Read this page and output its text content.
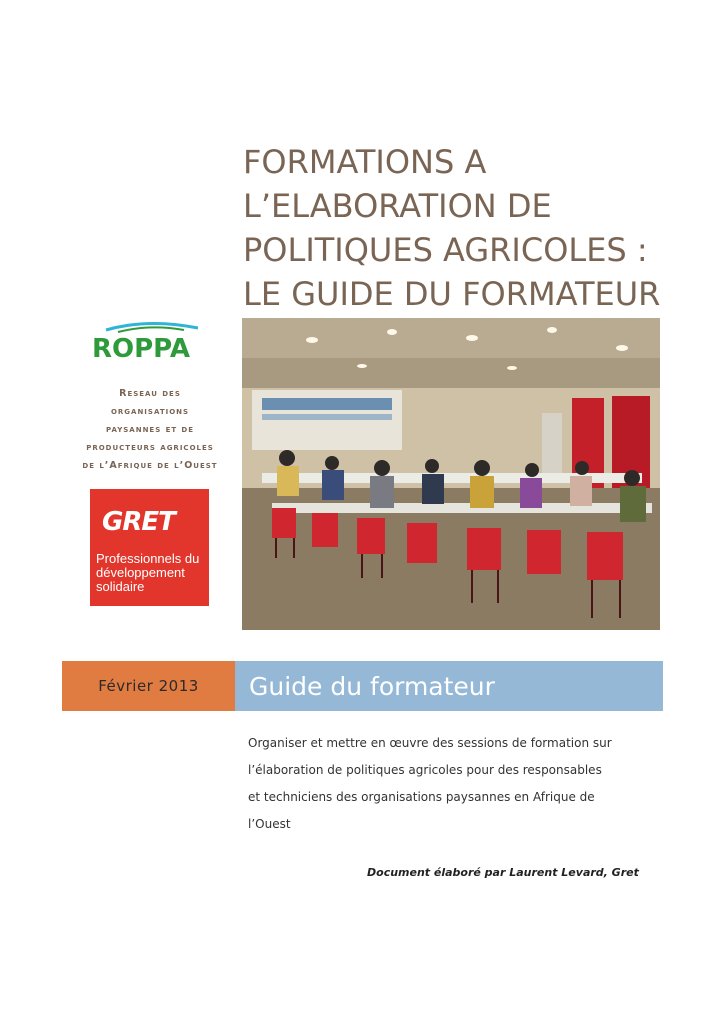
FORMATIONS A
L’ELABORATION DE
POLITIQUES AGRICOLES :
LE GUIDE DU FORMATEUR
ROPPA
Reseau des
organisations
paysannes et de
producteurs agricoles
de l’Afrique de l’Ouest
GRET
Professionnels du
développement
solidaire
Février 2013	Guide du formateur
Organiser et mettre en œuvre des sessions de formation sur
l’élaboration de politiques agricoles pour des responsables
et techniciens des organisations paysannes en Afrique de
l’Ouest
Document élaboré par Laurent Levard, Gret
